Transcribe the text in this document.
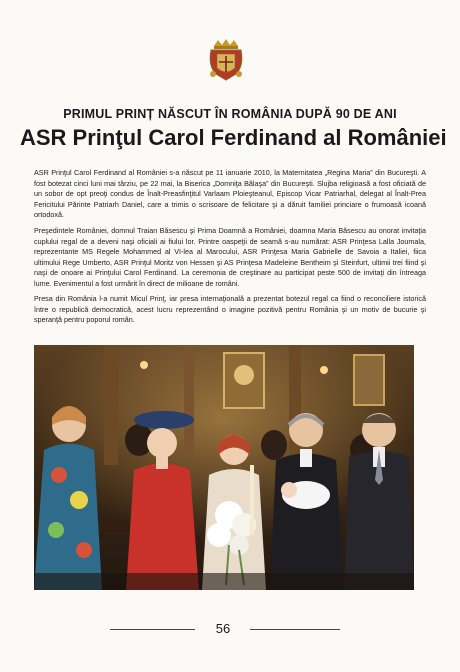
PRIMUL PRINȚ NĂSCUT ÎN ROMÂNIA DUPĂ 90 DE ANI
ASR Prinţul Carol Ferdinand al României
ASR Prinţul Carol Ferdinand al României s-a născut pe 11 ianuarie 2010, la Maternitatea „Regina Maria” din Bucureşti. A fost botezat cinci luni mai târziu, pe 22 mai, la Biserica „Domniţa Bălaşa” din Bucureşti. Slujba religioasă a fost oficiată de un sobor de opt preoţi condus de Înalt-Preasfinţitul Varlaam Ploieşteanul, Episcop Vicar Patriarhal, delegat al Înalt-Prea Fericitului Părinte Patriarh Daniel, care a trimis o scrisoare de felicitare şi a dăruit familiei princiare o frumoasă icoană ortodoxă.
Preşedintele României, domnul Traian Băsescu şi Prima Doamnă a României, doamna Maria Băsescu au onorat invitaţia cuplului regal de a deveni naşi oficiali ai fiului lor. Printre oaspeţii de seamă s-au numărat: ASR Prinţesa Lalla Joumala, reprezentante MS Regele Mohammed al VI-lea al Marocului, ASR Prinţesa Maria Gabrielle de Savoia a Italiei, fiica ultimului Rege Umberto, ASR Prinţul Moritz von Hessen şi AS Prinţesa Madeleine Bentheim şi Steinfurt, ultimii trei fiind şi naşi de onoare ai Prinţului Carol Ferdinand. La ceremonia de creştinare au participat peste 500 de invitaţi din întreaga lume. Evenimentul a fost urmărit în direct de milioane de români.
Presa din România l-a numit Micul Prinţ, iar presa internaţională a prezentat botezul regal ca fiind o reconciliere istorică între o republică democratică, acest lucru reprezentând o imagine pozitivă pentru România şi un motiv de bucurie şi speranţă pentru poporul român.
56
